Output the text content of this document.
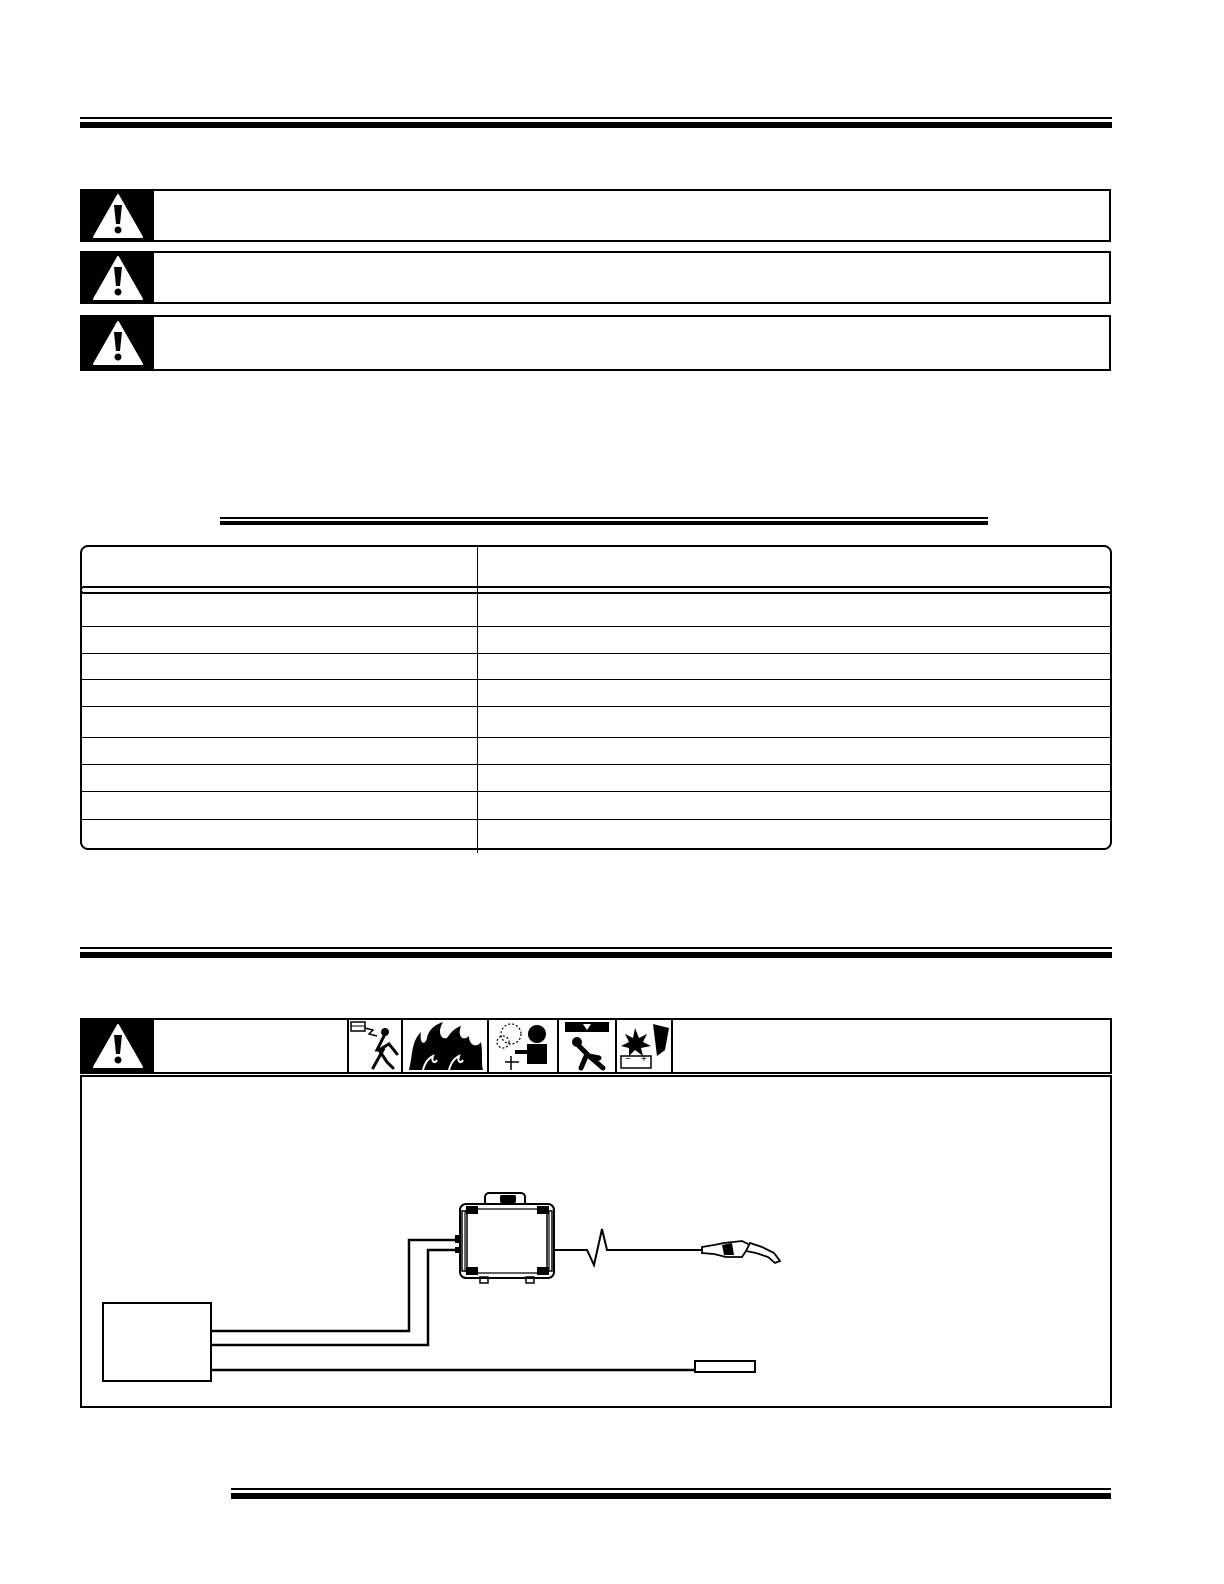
− +
